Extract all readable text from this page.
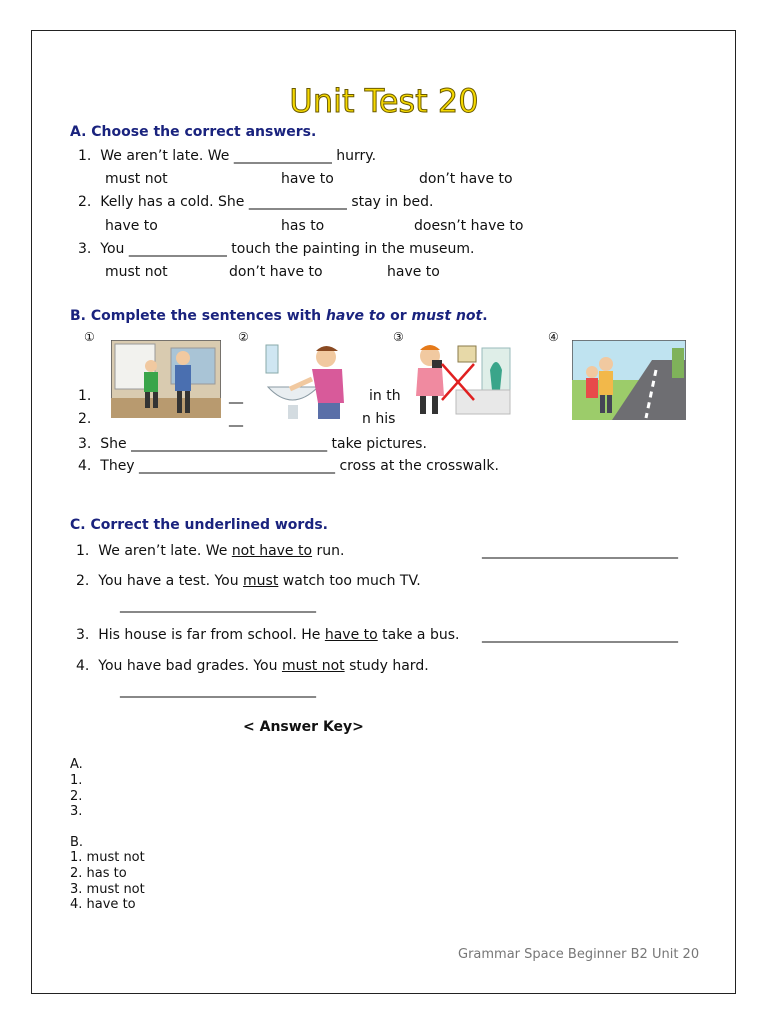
Unit Test 20
A. Choose the correct answers.
1. We aren’t late. We ______________ hurry.
must not	have to	don’t have to
2. Kelly has a cold. She ______________ stay in bed.
have to	has to	doesn’t have to
3. You ______________ touch the painting in the museum.
must not	don’t have to	have to
B. Complete the sentences with have to or must not.
①	②	③	④
1.	__	in th
2.	__	n his
3. She ____________________________ take pictures.
4. They ____________________________ cross at the crosswalk.
C. Correct the underlined words.
1. We aren’t late. We not have to run.	____________________________
2. You have a test. You must watch too much TV.
____________________________
3. His house is far from school. He have to take a bus. ____________________________
4. You have bad grades. You must not study hard.
____________________________
< Answer Key>
A.
1.
2.
3.
B.
1. must not
2. has to
3. must not
4. have to
Grammar Space Beginner B2 Unit 20
